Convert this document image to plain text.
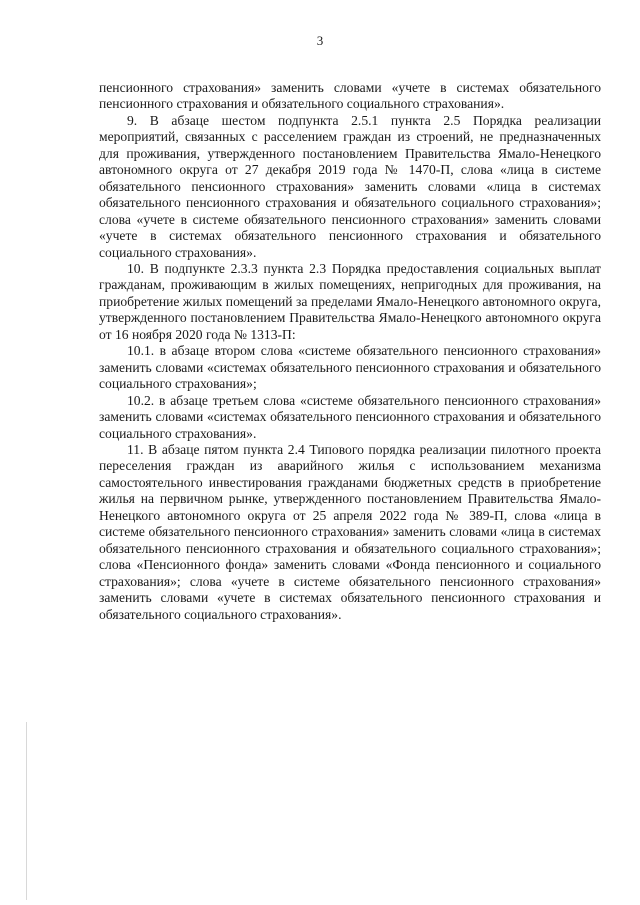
3

пенсионного страхования» заменить словами «учете в системах обязательного пенсионного страхования и обязательного социального страхования».

9. В абзаце шестом подпункта 2.5.1 пункта 2.5 Порядка реализации мероприятий, связанных с расселением граждан из строений, не предназначенных для проживания, утвержденного постановлением Правительства Ямало-Ненецкого автономного округа от 27 декабря 2019 года № 1470-П, слова «лица в системе обязательного пенсионного страхования» заменить словами «лица в системах обязательного пенсионного страхования и обязательного социального страхования»; слова «учете в системе обязательного пенсионного страхования» заменить словами «учете в системах обязательного пенсионного страхования и обязательного социального страхования».

10. В подпункте 2.3.3 пункта 2.3 Порядка предоставления социальных выплат гражданам, проживающим в жилых помещениях, непригодных для проживания, на приобретение жилых помещений за пределами Ямало-Ненецкого автономного округа, утвержденного постановлением Правительства Ямало-Ненецкого автономного округа от 16 ноября 2020 года № 1313-П:

10.1. в абзаце втором слова «системе обязательного пенсионного страхования» заменить словами «системах обязательного пенсионного страхования и обязательного социального страхования»;

10.2. в абзаце третьем слова «системе обязательного пенсионного страхования» заменить словами «системах обязательного пенсионного страхования и обязательного социального страхования».

11. В абзаце пятом пункта 2.4 Типового порядка реализации пилотного проекта переселения граждан из аварийного жилья с использованием механизма самостоятельного инвестирования гражданами бюджетных средств в приобретение жилья на первичном рынке, утвержденного постановлением Правительства Ямало-Ненецкого автономного округа от 25 апреля 2022 года № 389-П, слова «лица в системе обязательного пенсионного страхования» заменить словами «лица в системах обязательного пенсионного страхования и обязательного социального страхования»; слова «Пенсионного фонда» заменить словами «Фонда пенсионного и социального страхования»; слова «учете в системе обязательного пенсионного страхования» заменить словами «учете в системах обязательного пенсионного страхования и обязательного социального страхования».
